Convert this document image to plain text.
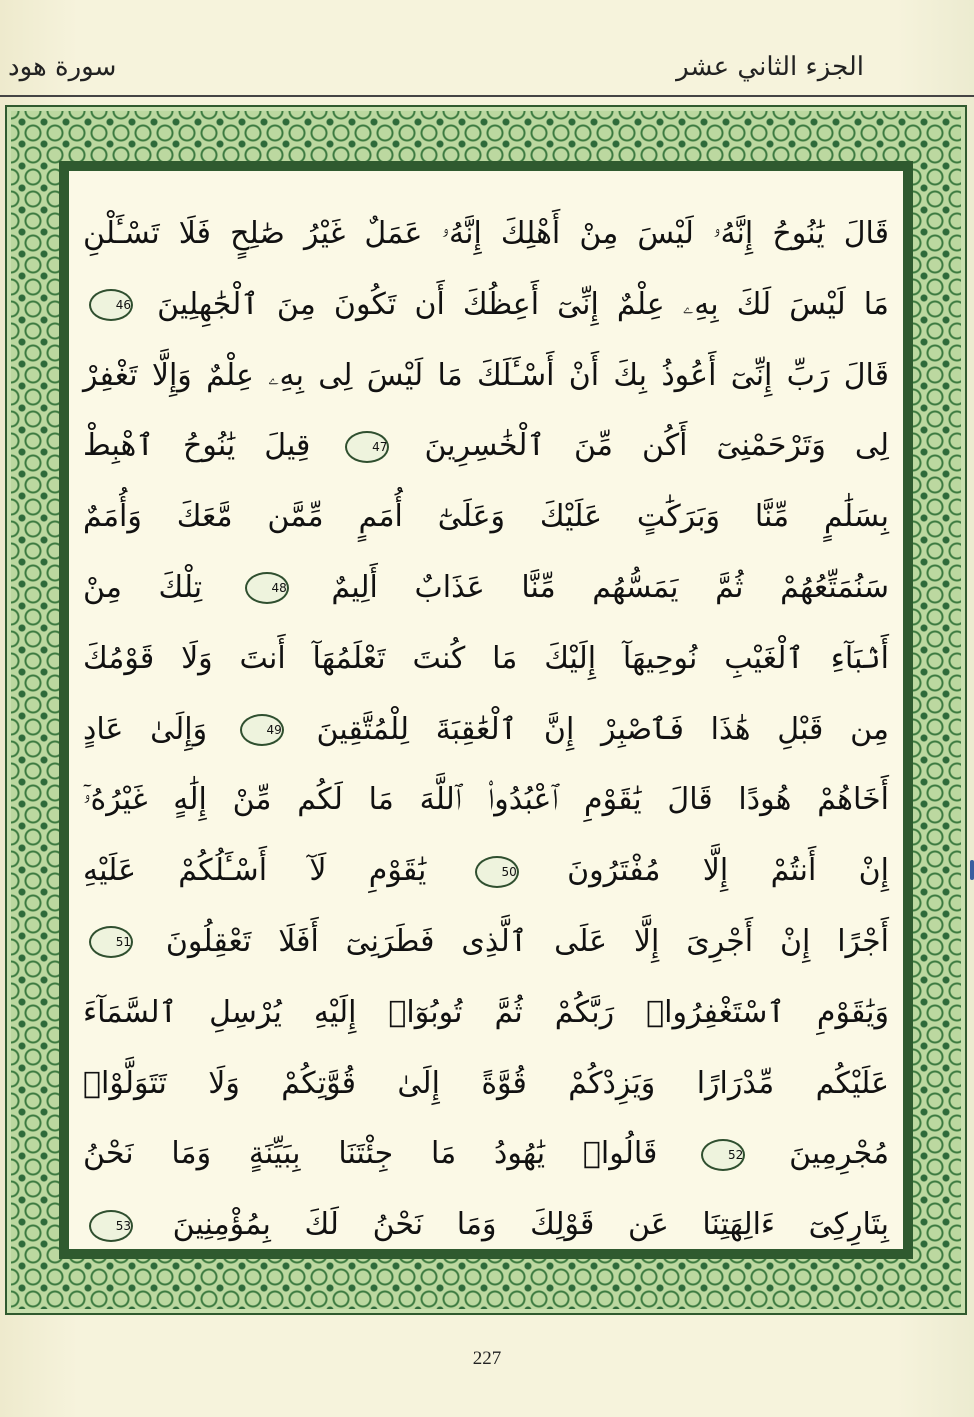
سورة هود	الجزء الثاني عشر
قَالَ يَٰنُوحُ إِنَّهُۥ لَيْسَ مِنْ أَهْلِكَ إِنَّهُۥ عَمَلٌ غَيْرُ صَٰلِحٍ فَلَا تَسْـَٔلْنِ
مَا لَيْسَ لَكَ بِهِۦ عِلْمٌ إِنِّىٓ أَعِظُكَ أَن تَكُونَ مِنَ ٱلْجَٰهِلِينَ 46
قَالَ رَبِّ إِنِّىٓ أَعُوذُ بِكَ أَنْ أَسْـَٔلَكَ مَا لَيْسَ لِى بِهِۦ عِلْمٌ وَإِلَّا تَغْفِرْ
لِى وَتَرْحَمْنِىٓ أَكُن مِّنَ ٱلْخَٰسِرِينَ 47 قِيلَ يَٰنُوحُ ٱهْبِطْ
بِسَلَٰمٍ مِّنَّا وَبَرَكَٰتٍ عَلَيْكَ وَعَلَىٰٓ أُمَمٍ مِّمَّن مَّعَكَ وَأُمَمٌ
سَنُمَتِّعُهُمْ ثُمَّ يَمَسُّهُم مِّنَّا عَذَابٌ أَلِيمٌ 48 تِلْكَ مِنْ
أَنۢبَآءِ ٱلْغَيْبِ نُوحِيهَآ إِلَيْكَ مَا كُنتَ تَعْلَمُهَآ أَنتَ وَلَا قَوْمُكَ
مِن قَبْلِ هَٰذَا فَٱصْبِرْ إِنَّ ٱلْعَٰقِبَةَ لِلْمُتَّقِينَ 49 وَإِلَىٰ عَادٍ
أَخَاهُمْ هُودًا قَالَ يَٰقَوْمِ ٱعْبُدُوا۟ ٱللَّهَ مَا لَكُم مِّنْ إِلَٰهٍ غَيْرُهُۥٓ
إِنْ أَنتُمْ إِلَّا مُفْتَرُونَ 50 يَٰقَوْمِ لَآ أَسْـَٔلُكُمْ عَلَيْهِ
أَجْرًا إِنْ أَجْرِىَ إِلَّا عَلَى ٱلَّذِى فَطَرَنِىٓ أَفَلَا تَعْقِلُونَ 51
وَيَٰقَوْمِ ٱسْتَغْفِرُوا۟ رَبَّكُمْ ثُمَّ تُوبُوٓا۟ إِلَيْهِ يُرْسِلِ ٱلسَّمَآءَ
عَلَيْكُم مِّدْرَارًا وَيَزِدْكُمْ قُوَّةً إِلَىٰ قُوَّتِكُمْ وَلَا تَتَوَلَّوْا۟
مُجْرِمِينَ 52 قَالُوا۟ يَٰهُودُ مَا جِئْتَنَا بِبَيِّنَةٍ وَمَا نَحْنُ
بِتَارِكِىٓ ءَالِهَتِنَا عَن قَوْلِكَ وَمَا نَحْنُ لَكَ بِمُؤْمِنِينَ 53
227
